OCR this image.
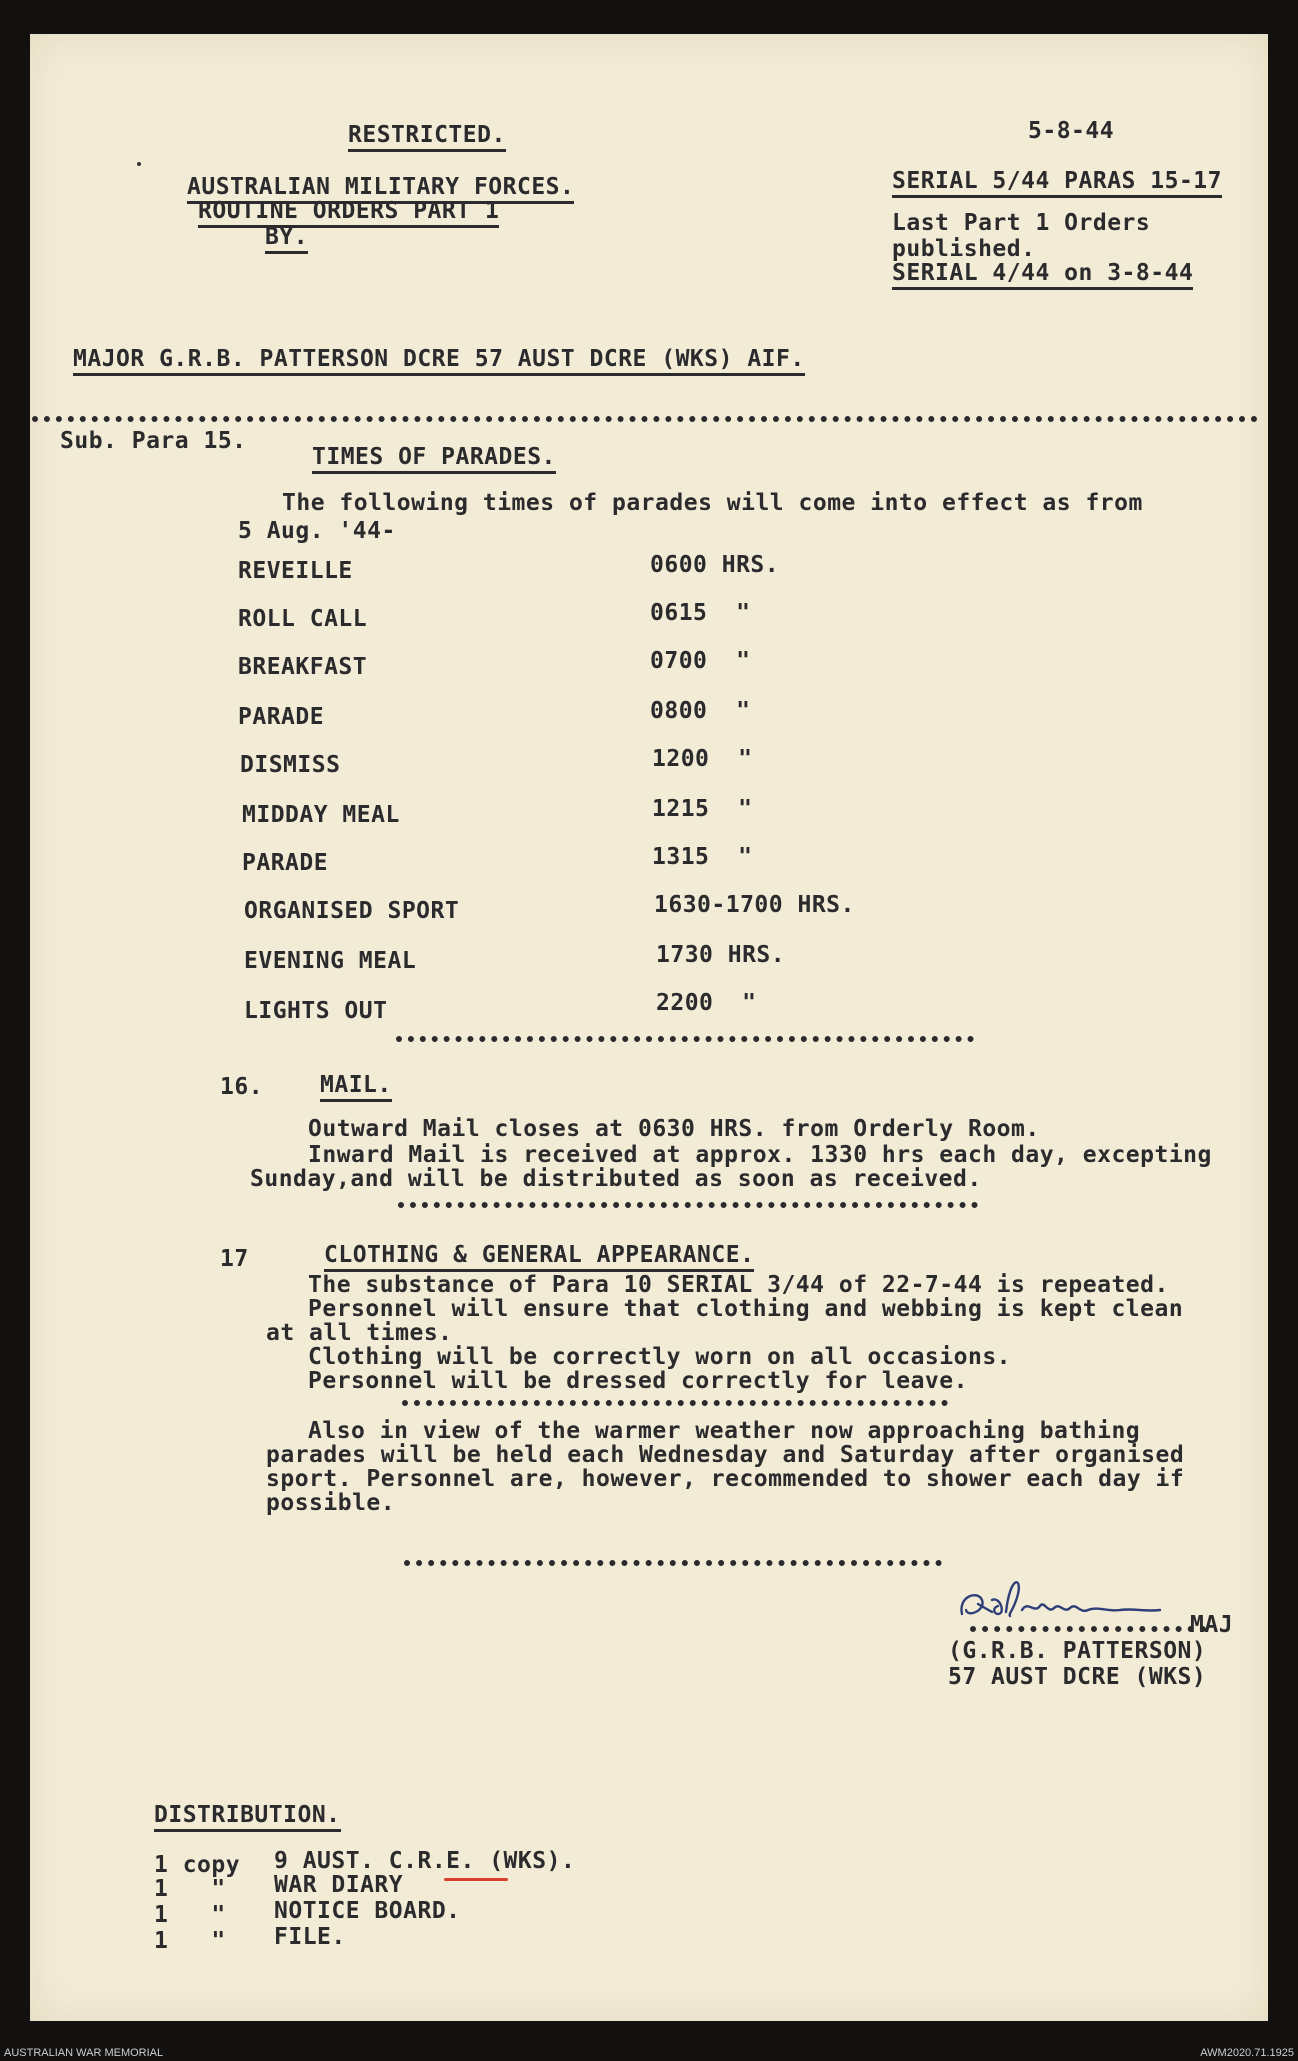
RESTRICTED.
AUSTRALIAN MILITARY FORCES.
ROUTINE ORDERS PART 1
BY.
5-8-44
SERIAL 5/44 PARAS 15-17
Last Part 1 Orders
published.
SERIAL 4/44 on 3-8-44
MAJOR G.R.B. PATTERSON DCRE 57 AUST DCRE (WKS) AIF.
Sub. Para 15.
TIMES OF PARADES.
The following times of parades will come into effect as from
5 Aug. '44-
REVEILLE	0600 HRS.
ROLL CALL	0615  "
BREAKFAST	0700  "
PARADE	0800  "
DISMISS	1200  "
MIDDAY MEAL	1215  "
PARADE	1315  "
ORGANISED SPORT	1630-1700 HRS.
EVENING MEAL	1730 HRS.
LIGHTS OUT	2200  "
16. MAIL.
Outward Mail closes at 0630 HRS. from Orderly Room.
Inward Mail is received at approx. 1330 hrs each day, excepting
Sunday,and will be distributed as soon as received.
17	CLOTHING & GENERAL APPEARANCE.
The substance of Para 10 SERIAL 3/44 of 22-7-44 is repeated.
Personnel will ensure that clothing and webbing is kept clean
at all times.
Clothing will be correctly worn on all occasions.
Personnel will be dressed correctly for leave.
Also in view of the warmer weather now approaching bathing
parades will be held each Wednesday and Saturday after organised
sport. Personnel are, however, recommended to shower each day if
possible.
MAJ
(G.R.B. PATTERSON)
57 AUST DCRE (WKS)
DISTRIBUTION.
1 copy 9 AUST. C.R.E. (WKS).
1   " WAR DIARY
1   " NOTICE BOARD.
1   " FILE.
AUSTRALIAN WAR MEMORIAL	AWM2020.71.1925
